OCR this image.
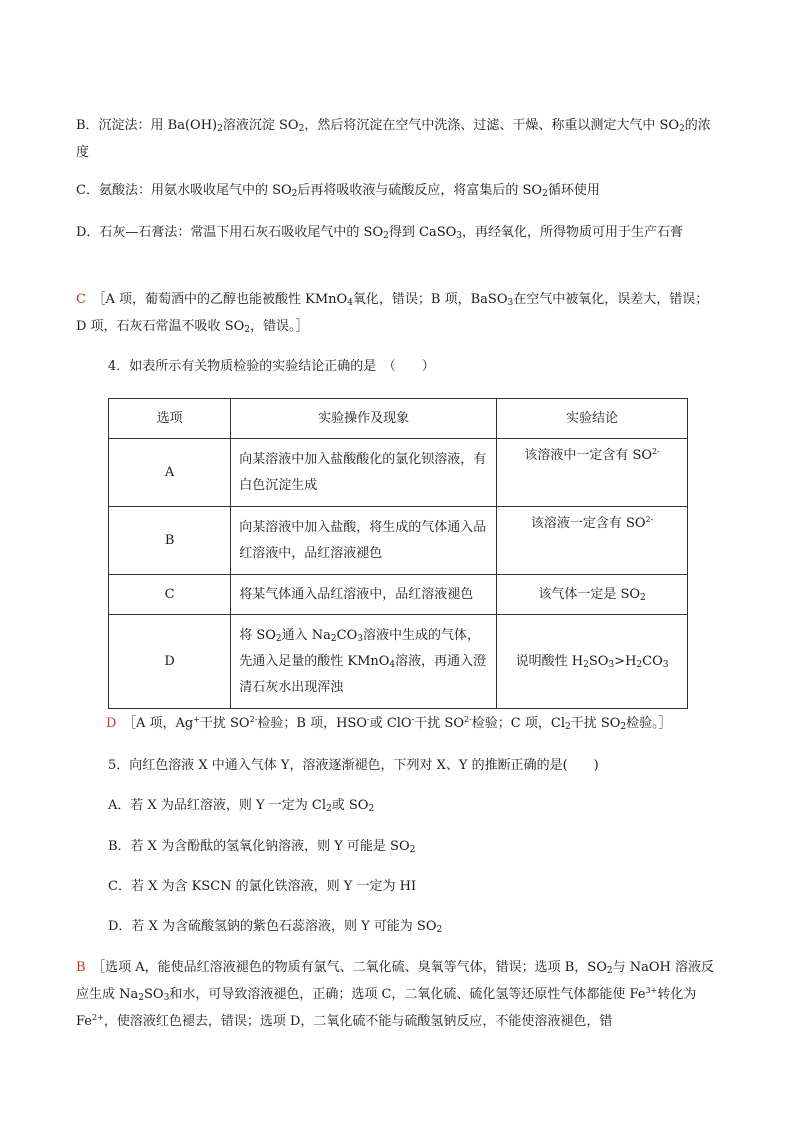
B．沉淀法：用 $Ba(OH)_2$溶液沉淀 $SO_2$，然后将沉淀在空气中洗涤、过滤、干燥、称重以测定大气中 $SO_2$的浓度

C．氨酸法：用氨水吸收尾气中的 $SO_2$后再将吸收液与硫酸反应，将富集后的 $SO_2$循环使用

D．石灰—石膏法：常温下用石灰石吸收尾气中的 $SO_2$得到 CaSO$_3$，再经氧化，所得物质可用于生产石膏

C　 ［A 项，葡萄酒中的乙醇也能被酸性 KMnO$_4$氧化，错误；B 项，BaSO$_3$在空气中被氧化，误差大，错误；D 项，石灰石常温不吸收 $SO_2$，错误。］

4．如表所示有关物质检验的实验结论正确的是　（　　）

选项	实验操作及现象	实验结论
A	向某溶液中加入盐酸酸化的氯化钡溶液，有白色沉淀生成	该溶液中一定含有 $SO^{2-}$
B	向某溶液中加入盐酸，将生成的气体通入品红溶液中，品红溶液褪色	该溶液一定含有 $SO^{2-}$
C	将某气体通入品红溶液中，品红溶液褪色	该气体一定是 $SO_2$
D	将 $SO_2$通入 $Na_2CO_3$溶液中生成的气体，先通入足量的酸性 KMnO$_4$溶液，再通入澄清石灰水出现浑浊	说明酸性 $H_2SO_3>H_2CO_3$

D　 ［A 项，Ag+干扰 $SO^{2-}$检验；B 项，HSO-或 ClO-干扰 $SO^{2-}$检验；C 项，$Cl_2$干扰 $SO_2$检验。］

5．向红色溶液 X 中通入气体 Y，溶液逐渐褪色，下列对 X、Y 的推断正确的是(　　)

A．若 X 为品红溶液，则 Y 一定为 $Cl_2$或 $SO_2$

B．若 X 为含酚酞的氢氧化钠溶液，则 Y 可能是 $SO_2$

C．若 X 为含 KSCN 的氯化铁溶液，则 Y 一定为 HI

D．若 X 为含硫酸氢钠的紫色石蕊溶液，则 Y 可能为 $SO_2$

B　 ［选项 A，能使品红溶液褪色的物质有氯气、二氧化硫、臭氧等气体，错误；选项 B，$SO_2$与 NaOH 溶液反应生成 $Na_2SO_3$和水，可导致溶液褪色，正确；选项 C，二氧化硫、硫化氢等还原性气体都能使 $Fe^{3+}$转化为 $Fe^{2+}$，使溶液红色褪去，错误；选项 D，二氧化硫不能与硫酸氢钠反应，不能使溶液褪色，错
